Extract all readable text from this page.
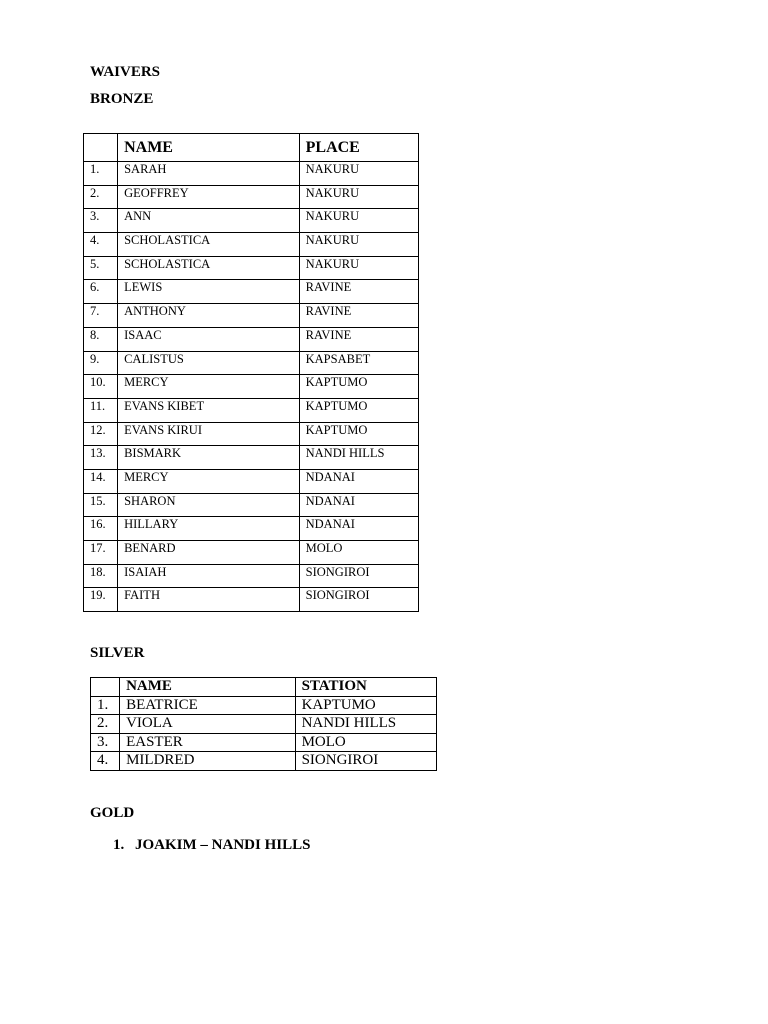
WAIVERS
BRONZE
	NAME	PLACE
1.	SARAH	NAKURU
2.	GEOFFREY	NAKURU
3.	ANN	NAKURU
4.	SCHOLASTICA	NAKURU
5.	SCHOLASTICA	NAKURU
6.	LEWIS	RAVINE
7.	ANTHONY	RAVINE
8.	ISAAC	RAVINE
9.	CALISTUS	KAPSABET
10.	MERCY	KAPTUMO
11.	EVANS KIBET	KAPTUMO
12.	EVANS KIRUI	KAPTUMO
13.	BISMARK	NANDI HILLS
14.	MERCY	NDANAI
15.	SHARON	NDANAI
16.	HILLARY	NDANAI
17.	BENARD	MOLO
18.	ISAIAH	SIONGIROI
19.	FAITH	SIONGIROI
SILVER
	NAME	STATION
1.	BEATRICE	KAPTUMO
2.	VIOLA	NANDI HILLS
3.	EASTER	MOLO
4.	MILDRED	SIONGIROI
GOLD
1. JOAKIM – NANDI HILLS
